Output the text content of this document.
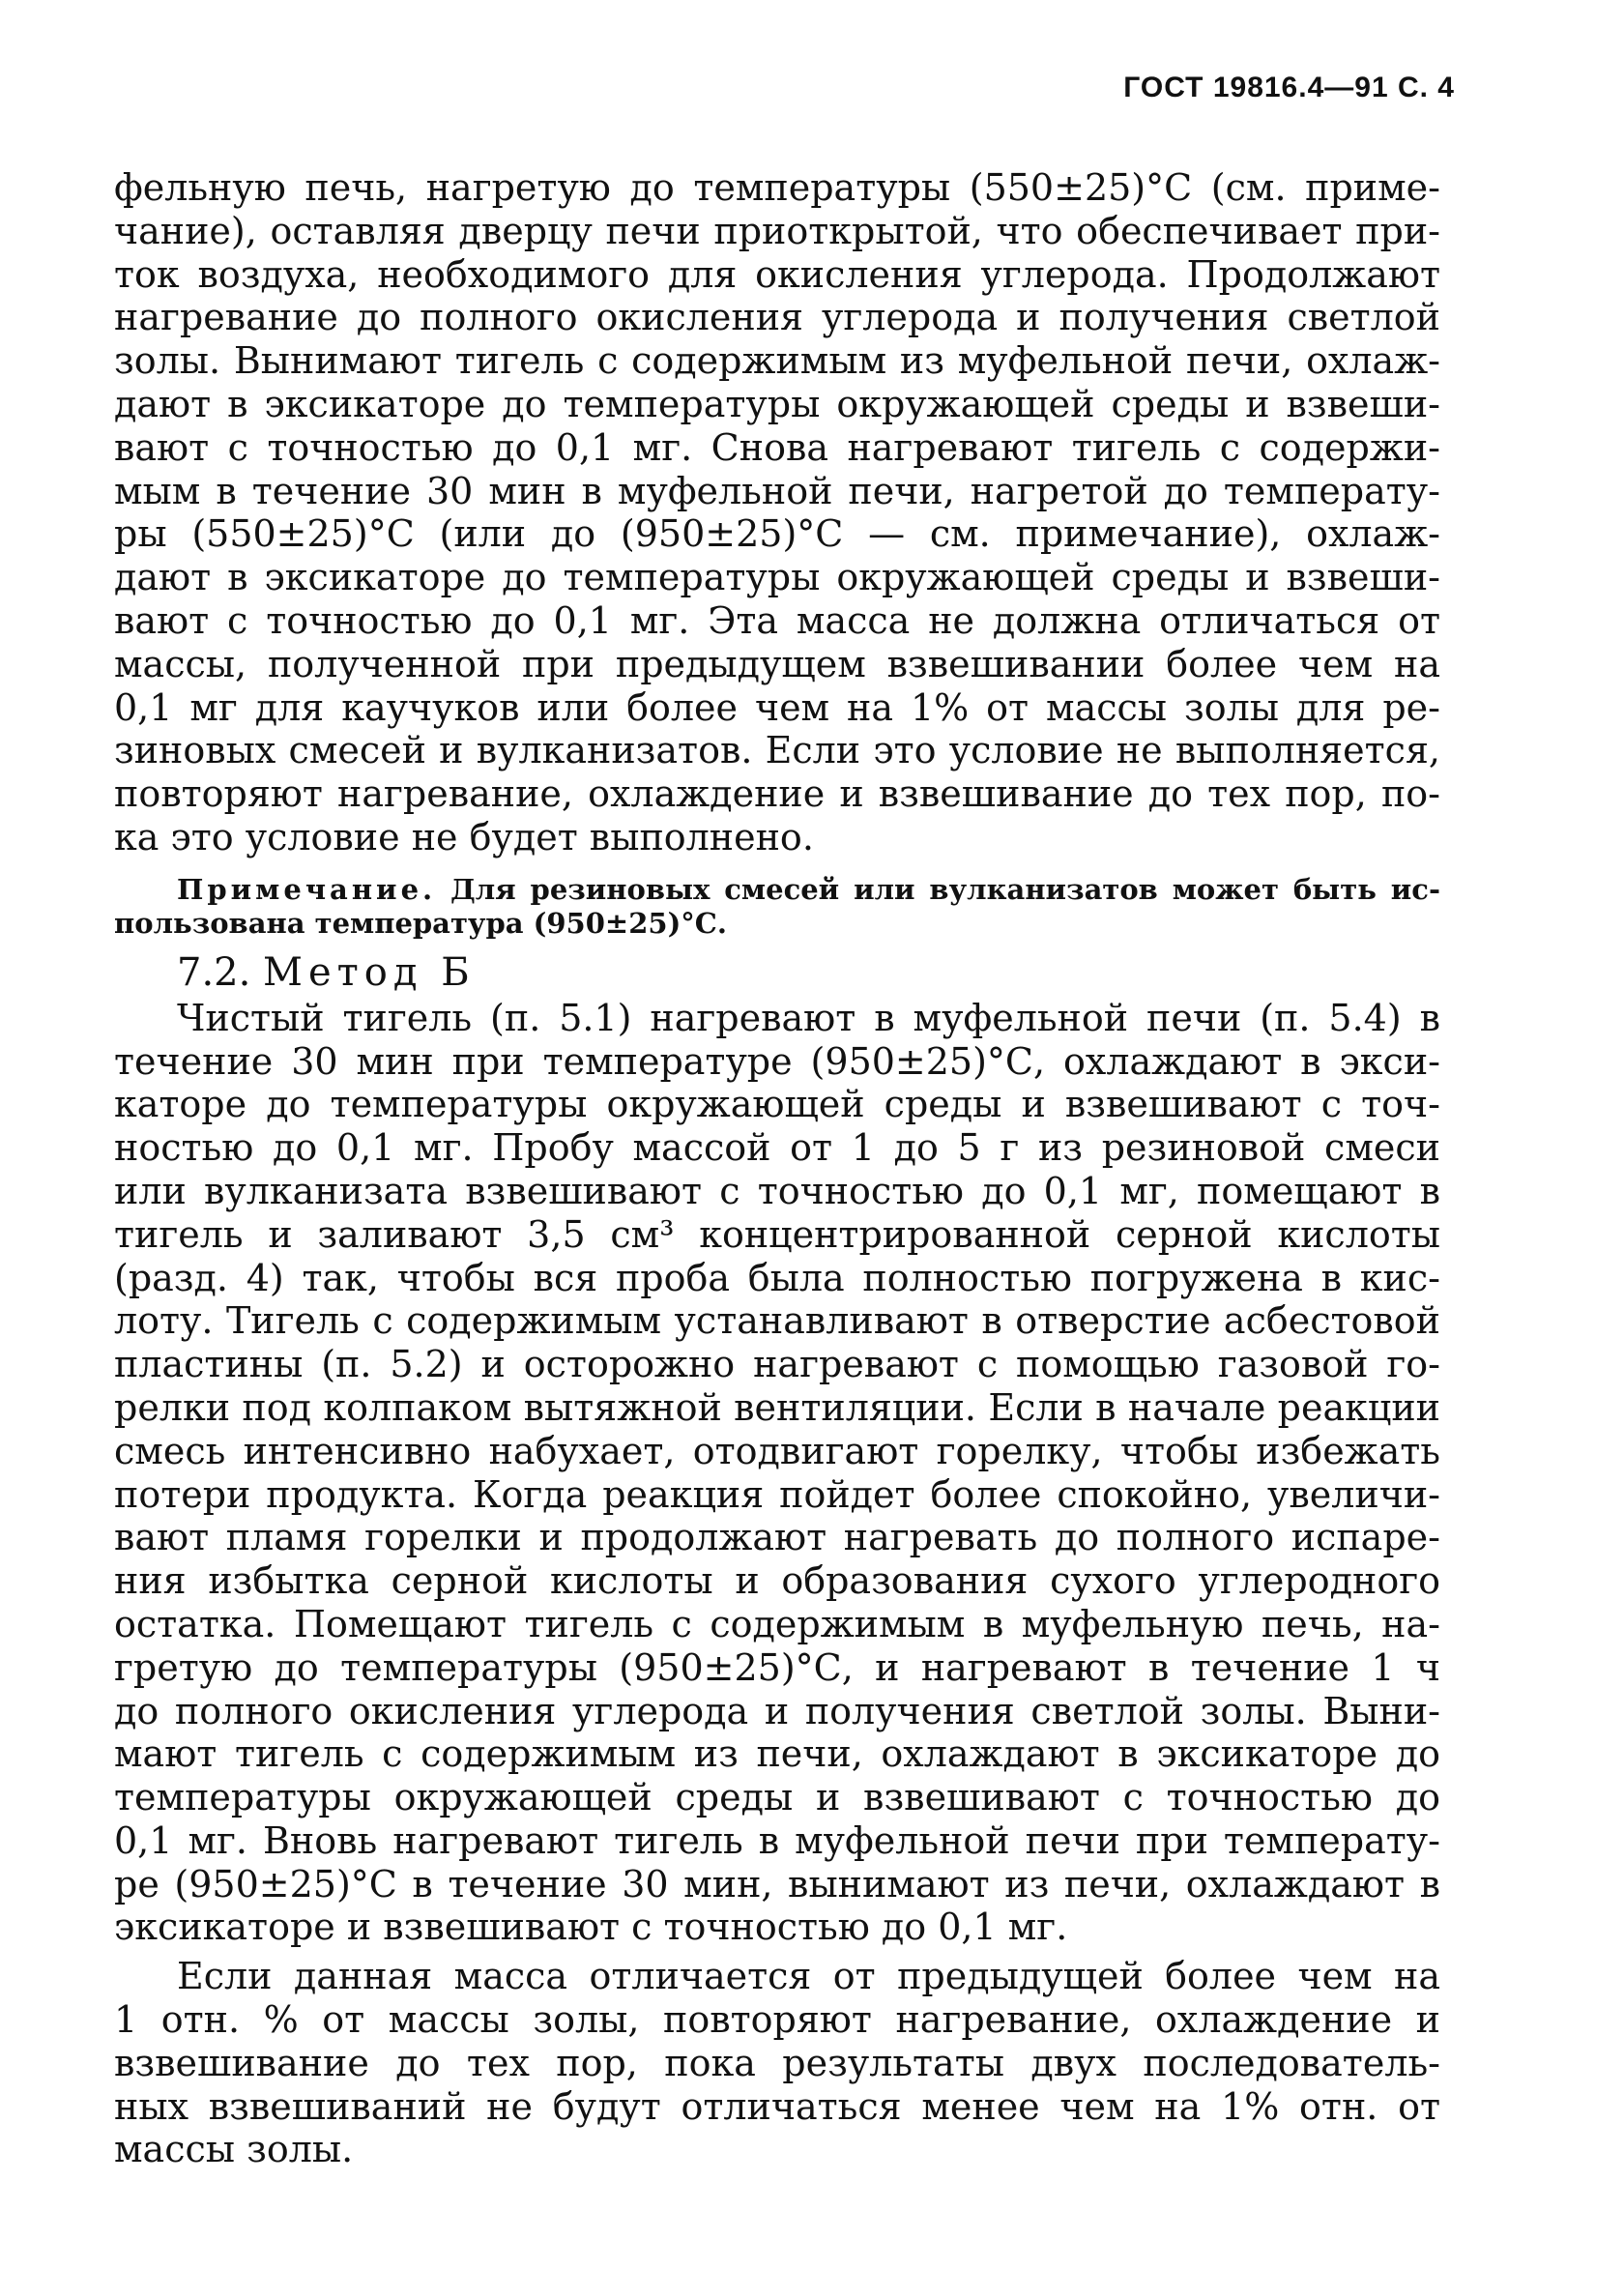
ГОСТ 19816.4—91 С. 4
фельную печь, нагретую до температуры (550±25)°С (см. приме-
чание), оставляя дверцу печи приоткрытой, что обеспечивает при-
ток воздуха, необходимого для окисления углерода. Продолжают
нагревание до полного окисления углерода и получения светлой
золы. Вынимают тигель с содержимым из муфельной печи, охлаж-
дают в эксикаторе до температуры окружающей среды и взвеши-
вают с точностью до 0,1 мг. Снова нагревают тигель с содержи-
мым в течение 30 мин в муфельной печи, нагретой до температу-
ры (550±25)°С (или до (950±25)°С — см. примечание), охлаж-
дают в эксикаторе до температуры окружающей среды и взвеши-
вают с точностью до 0,1 мг. Эта масса не должна отличаться от
массы, полученной при предыдущем взвешивании более чем на
0,1 мг для каучуков или более чем на 1% от массы золы для ре-
зиновых смесей и вулканизатов. Если это условие не выполняется,
повторяют нагревание, охлаждение и взвешивание до тех пор, по-
ка это условие не будет выполнено.
Примечание. Для резиновых смесей или вулканизатов может быть ис-
пользована температура (950±25)°С.
7.2. Метод Б
Чистый тигель (п. 5.1) нагревают в муфельной печи (п. 5.4) в
течение 30 мин при температуре (950±25)°С, охлаждают в экси-
каторе до температуры окружающей среды и взвешивают с точ-
ностью до 0,1 мг. Пробу массой от 1 до 5 г из резиновой смеси
или вулканизата взвешивают с точностью до 0,1 мг, помещают в
тигель и заливают 3,5 см³ концентрированной серной кислоты
(разд. 4) так, чтобы вся проба была полностью погружена в кис-
лоту. Тигель с содержимым устанавливают в отверстие асбестовой
пластины (п. 5.2) и осторожно нагревают с помощью газовой го-
релки под колпаком вытяжной вентиляции. Если в начале реакции
смесь интенсивно набухает, отодвигают горелку, чтобы избежать
потери продукта. Когда реакция пойдет более спокойно, увеличи-
вают пламя горелки и продолжают нагревать до полного испаре-
ния избытка серной кислоты и образования сухого углеродного
остатка. Помещают тигель с содержимым в муфельную печь, на-
гретую до температуры (950±25)°С, и нагревают в течение 1 ч
до полного окисления углерода и получения светлой золы. Выни-
мают тигель с содержимым из печи, охлаждают в эксикаторе до
температуры окружающей среды и взвешивают с точностью до
0,1 мг. Вновь нагревают тигель в муфельной печи при температу-
ре (950±25)°С в течение 30 мин, вынимают из печи, охлаждают в
эксикаторе и взвешивают с точностью до 0,1 мг.
Если данная масса отличается от предыдущей более чем на
1 отн. % от массы золы, повторяют нагревание, охлаждение и
взвешивание до тех пор, пока результаты двух последователь-
ных взвешиваний не будут отличаться менее чем на 1% отн. от
массы золы.
